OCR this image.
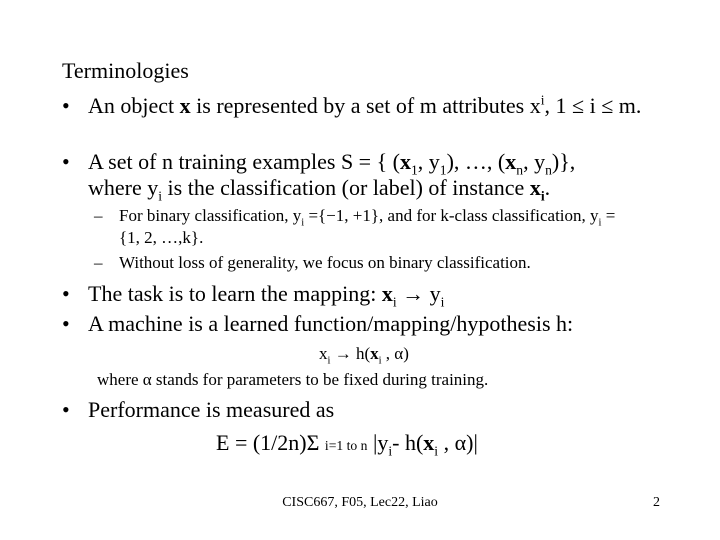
Terminologies
• An object x is represented by a set of m attributes $x^i$, 1 ≤ i ≤ m.
• A set of n training examples S = { ($x_1$, $y_1$), …, ($x_n$, $y_n$)},
where $y_i$ is the classification (or label) of instance $x_i$.
– For binary classification, $y_i =\{-1$, +1}, and for k-class classification, $y_i =\{1$, 2, …,k}.
– Without loss of generality, we focus on binary classification.
• The task is to learn the mapping: $x_i \to y_i$
• A machine is a learned function/mapping/hypothesis h:
$x_i \to h(x_i$ , α)
where α stands for parameters to be fixed during training.
• Performance is measured as
E = (1/2n)Σ i=1 to n $|y_i-$ $h(x_i$ , α)|
CISC667, F05, Lec22, Liao	2
